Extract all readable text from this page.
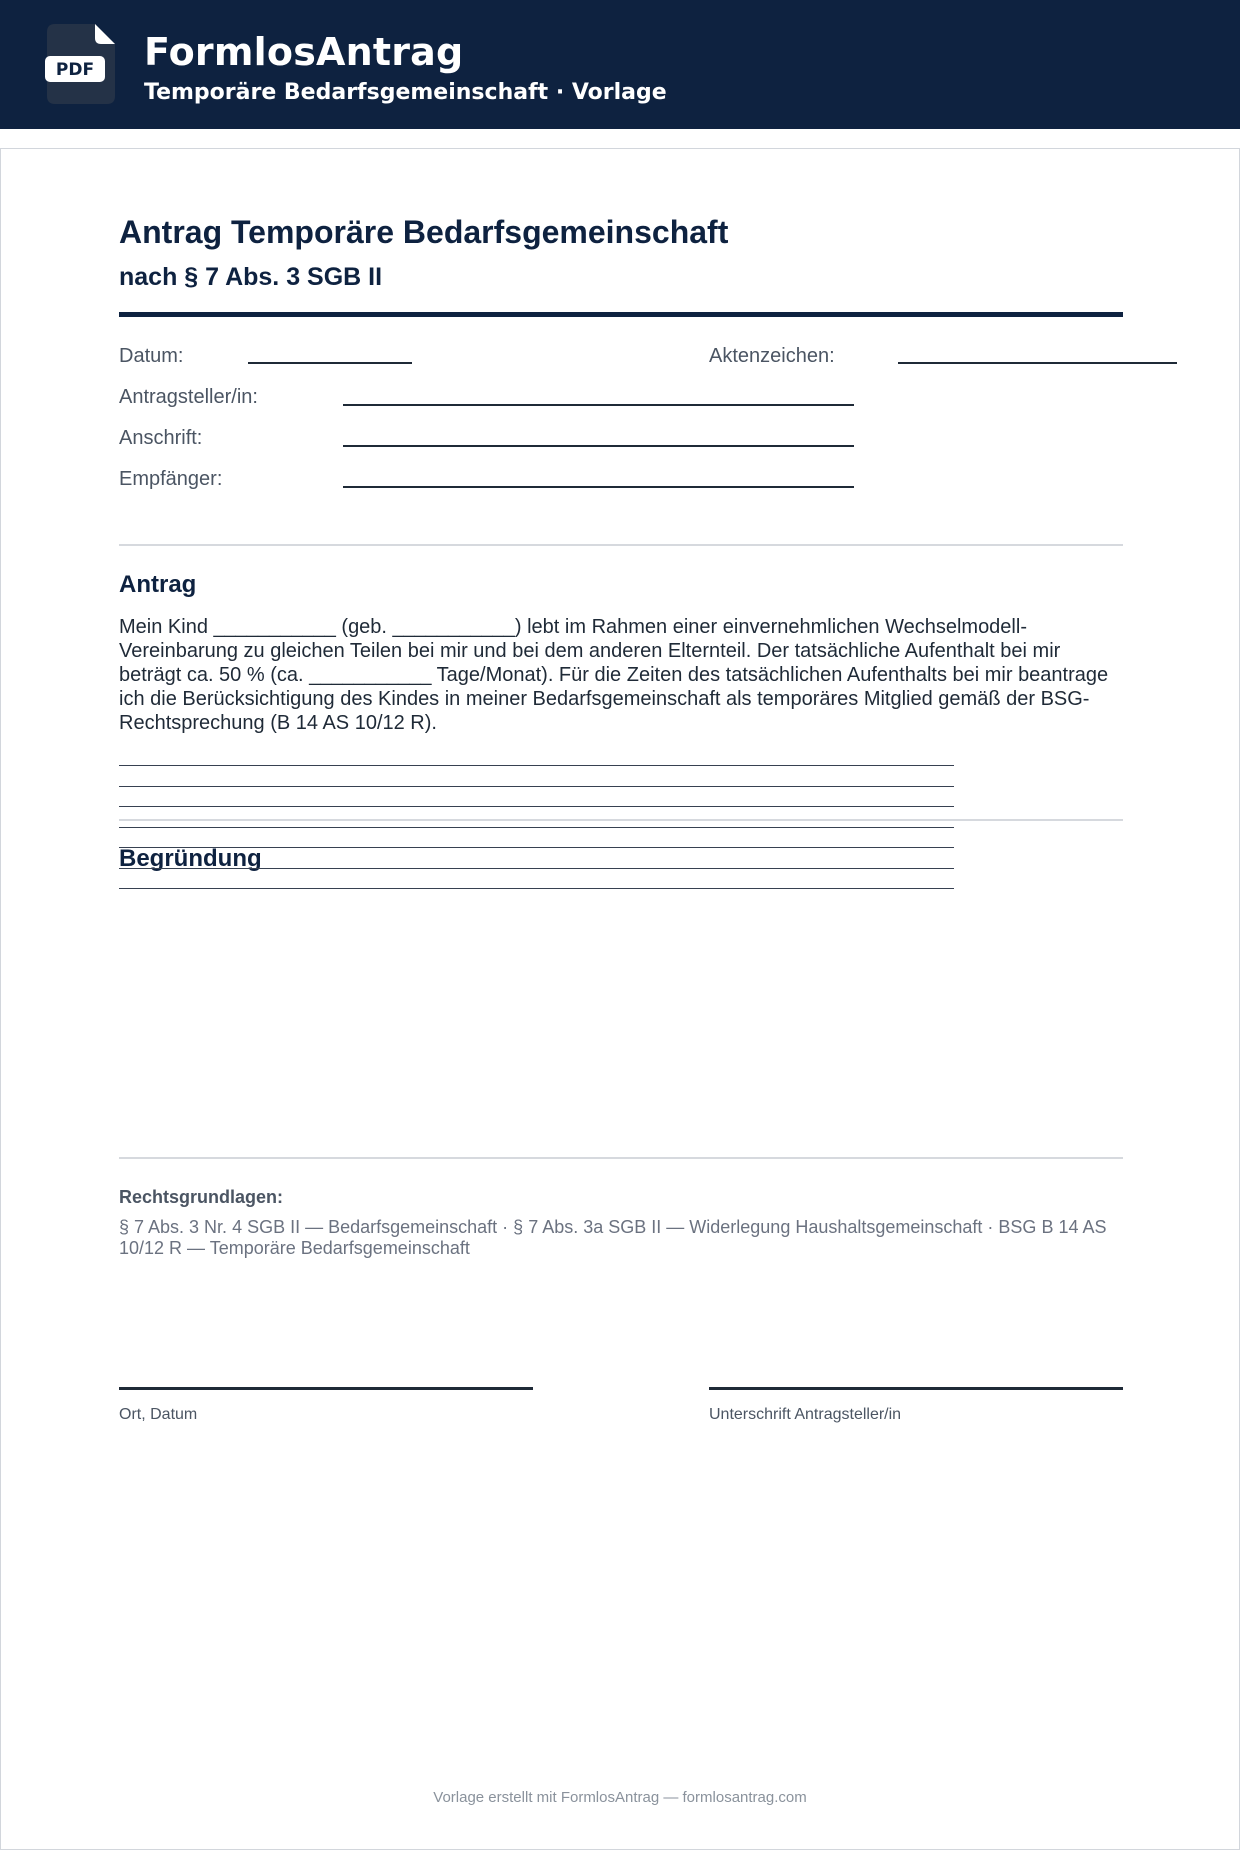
PDF FormlosAntrag
Temporäre Bedarfsgemeinschaft · Vorlage
Antrag Temporäre Bedarfsgemeinschaft
nach § 7 Abs. 3 SGB II
Datum:	Aktenzeichen:
Antragsteller/in:
Anschrift:
Empfänger:
Antrag
Mein Kind ___________ (geb. ___________) lebt im Rahmen einer einvernehmlichen Wechselmodell-Vereinbarung zu gleichen Teilen bei mir und bei dem anderen Elternteil. Der tatsächliche Aufenthalt bei mir beträgt ca. 50 % (ca. ___________ Tage/Monat). Für die Zeiten des tatsächlichen Aufenthalts bei mir beantrage ich die Berücksichtigung des Kindes in meiner Bedarfsgemeinschaft als temporäres Mitglied gemäß der BSG-Rechtsprechung (B 14 AS 10/12 R).
Begründung
Rechtsgrundlagen:
§ 7 Abs. 3 Nr. 4 SGB II — Bedarfsgemeinschaft · § 7 Abs. 3a SGB II — Widerlegung Haushaltsgemeinschaft · BSG B 14 AS 10/12 R — Temporäre Bedarfsgemeinschaft
Ort, Datum	Unterschrift Antragsteller/in
Vorlage erstellt mit FormlosAntrag — formlosantrag.com
